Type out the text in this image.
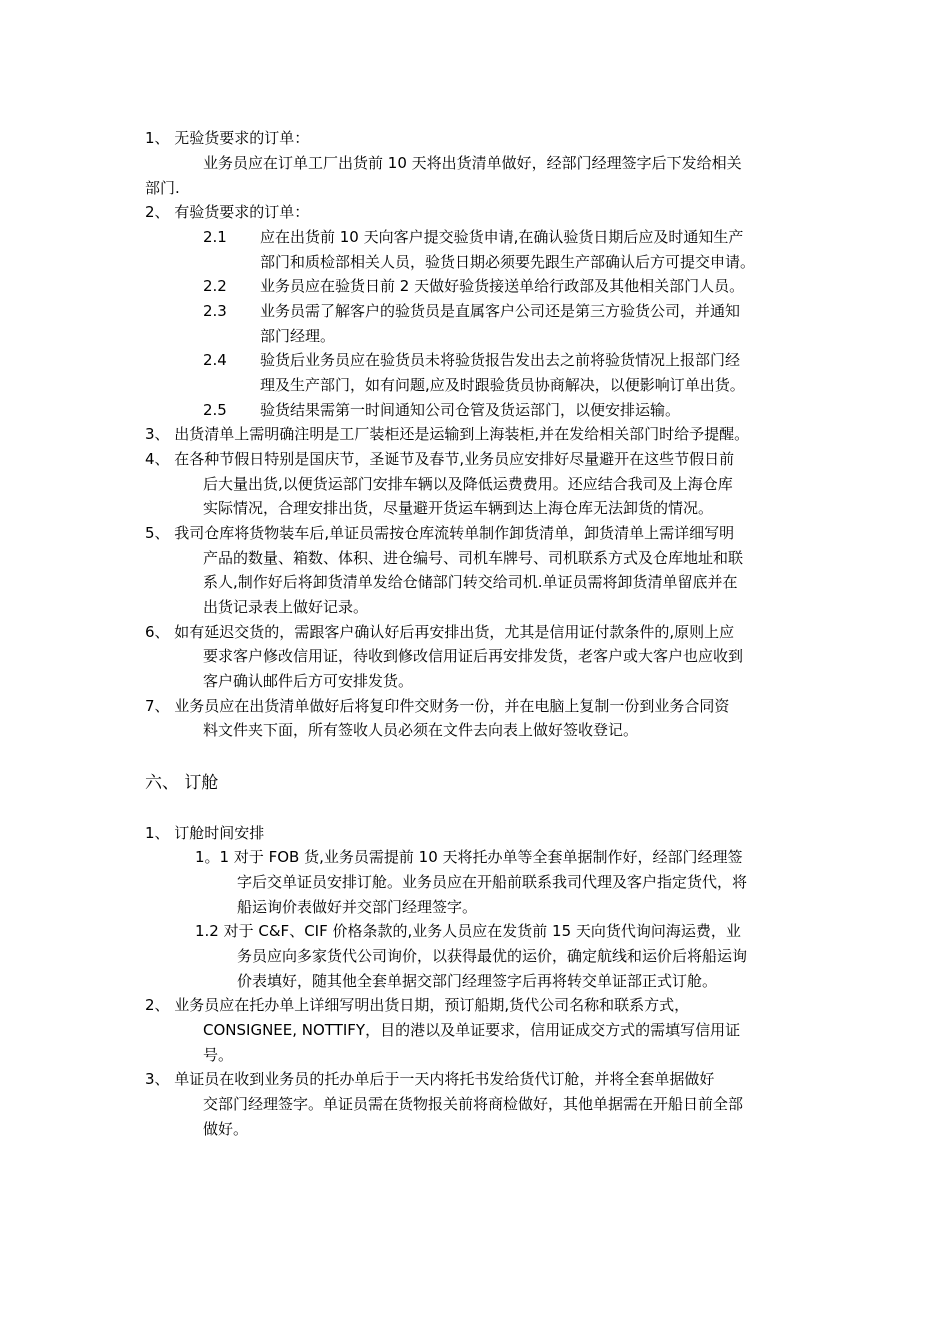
1、 无验货要求的订单：
业务员应在订单工厂出货前 10 天将出货清单做好，经部门经理签字后下发给相关
部门.
2、 有验货要求的订单：
2.1 应在出货前 10 天向客户提交验货申请,在确认验货日期后应及时通知生产
部门和质检部相关人员，验货日期必须要先跟生产部确认后方可提交申请。
2.2 业务员应在验货日前 2 天做好验货接送单给行政部及其他相关部门人员。
2.3 业务员需了解客户的验货员是直属客户公司还是第三方验货公司，并通知
部门经理。
2.4 验货后业务员应在验货员未将验货报告发出去之前将验货情况上报部门经
理及生产部门，如有问题,应及时跟验货员协商解决，以便影响订单出货。
2.5 验货结果需第一时间通知公司仓管及货运部门，以便安排运输。
3、 出货清单上需明确注明是工厂装柜还是运输到上海装柜,并在发给相关部门时给予提醒。
4、 在各种节假日特别是国庆节，圣诞节及春节,业务员应安排好尽量避开在这些节假日前
后大量出货,以便货运部门安排车辆以及降低运费费用。还应结合我司及上海仓库
实际情况，合理安排出货，尽量避开货运车辆到达上海仓库无法卸货的情况。
5、 我司仓库将货物装车后,单证员需按仓库流转单制作卸货清单，卸货清单上需详细写明
产品的数量、箱数、体积、进仓编号、司机车牌号、司机联系方式及仓库地址和联
系人,制作好后将卸货清单发给仓储部门转交给司机.单证员需将卸货清单留底并在
出货记录表上做好记录。
6、 如有延迟交货的，需跟客户确认好后再安排出货，尤其是信用证付款条件的,原则上应
要求客户修改信用证，待收到修改信用证后再安排发货，老客户或大客户也应收到
客户确认邮件后方可安排发货。
7、 业务员应在出货清单做好后将复印件交财务一份，并在电脑上复制一份到业务合同资
料文件夹下面，所有签收人员必须在文件去向表上做好签收登记。
六、 订舱
1、 订舱时间安排
1。1 对于 FOB 货,业务员需提前 10 天将托办单等全套单据制作好，经部门经理签
字后交单证员安排订舱。业务员应在开船前联系我司代理及客户指定货代，将
船运询价表做好并交部门经理签字。
1.2 对于 C&F、CIF 价格条款的,业务人员应在发货前 15 天向货代询问海运费，业
务员应向多家货代公司询价，以获得最优的运价，确定航线和运价后将船运询
价表填好，随其他全套单据交部门经理签字后再将转交单证部正式订舱。
2、 业务员应在托办单上详细写明出货日期，预订船期,货代公司名称和联系方式，
CONSIGNEE, NOTTIFY，目的港以及单证要求，信用证成交方式的需填写信用证
号。
3、 单证员在收到业务员的托办单后于一天内将托书发给货代订舱，并将全套单据做好
交部门经理签字。单证员需在货物报关前将商检做好，其他单据需在开船日前全部
做好。
